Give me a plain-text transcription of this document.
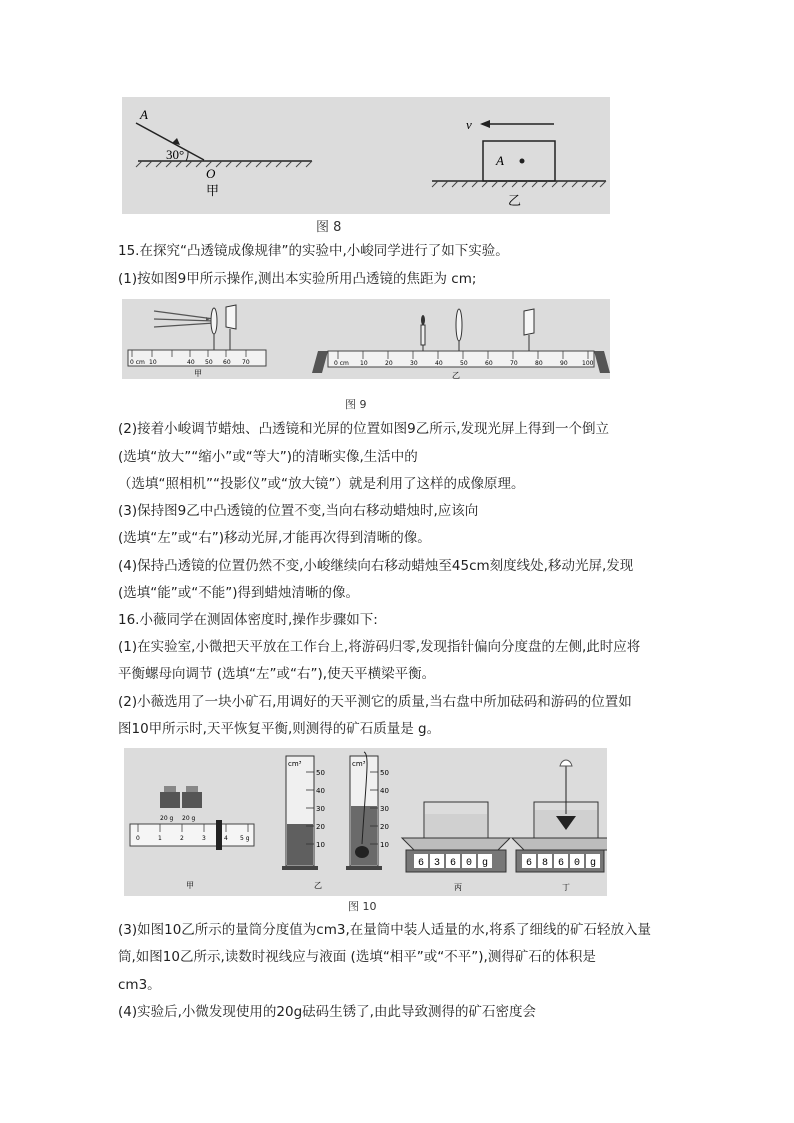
A
30°
O
甲
v
A
乙
图 8
15.在探究“凸透镜成像规律”的实验中,小峻同学进行了如下实验。
(1)按如图9甲所示操作,测出本实验所用凸透镜的焦距为 cm;
0 cm 10	40 50 60 70
甲
0 cm 10	20	30	40	50	60	70	80	90 100
乙
图 9
(2)接着小峻调节蜡烛、凸透镜和光屏的位置如图9乙所示,发现光屏上得到一个倒立
(选填“放大”“缩小”或“等大”)的清晰实像,生活中的
（选填“照相机”“投影仪”或“放大镜”）就是利用了这样的成像原理。
(3)保持图9乙中凸透镜的位置不变,当向右移动蜡烛时,应该向
(选填“左”或“右”)移动光屏,才能再次得到清晰的像。
(4)保持凸透镜的位置仍然不变,小峻继续向右移动蜡烛至45cm刻度线处,移动光屏,发现
(选填“能”或“不能”)得到蜡烛清晰的像。
16.小薇同学在测固体密度时,操作步骤如下:
(1)在实验室,小微把天平放在工作台上,将游码归零,发现指针偏向分度盘的左侧,此时应将
平衡螺母向调节 (选填“左”或“右”),使天平横梁平衡。
(2)小薇选用了一块小矿石,用调好的天平测它的质量,当右盘中所加砝码和游码的位置如
图10甲所示时,天平恢复平衡,则测得的矿石质量是 g。
20 g 20 g
0	1	2	3	4 5 g
cm³
50
40
30
20
10
cm³
50
40
30
20
10
6 3 6 0 g	6 8 6 0 g
甲	乙	丙	丁
图 10
(3)如图10乙所示的量筒分度值为cm3,在量筒中装人适量的水,将系了细线的矿石轻放入量
筒,如图10乙所示,读数时视线应与液面 (选填“相平”或“不平”),测得矿石的体积是
cm3。
(4)实验后,小微发现使用的20g砝码生锈了,由此导致测得的矿石密度会
